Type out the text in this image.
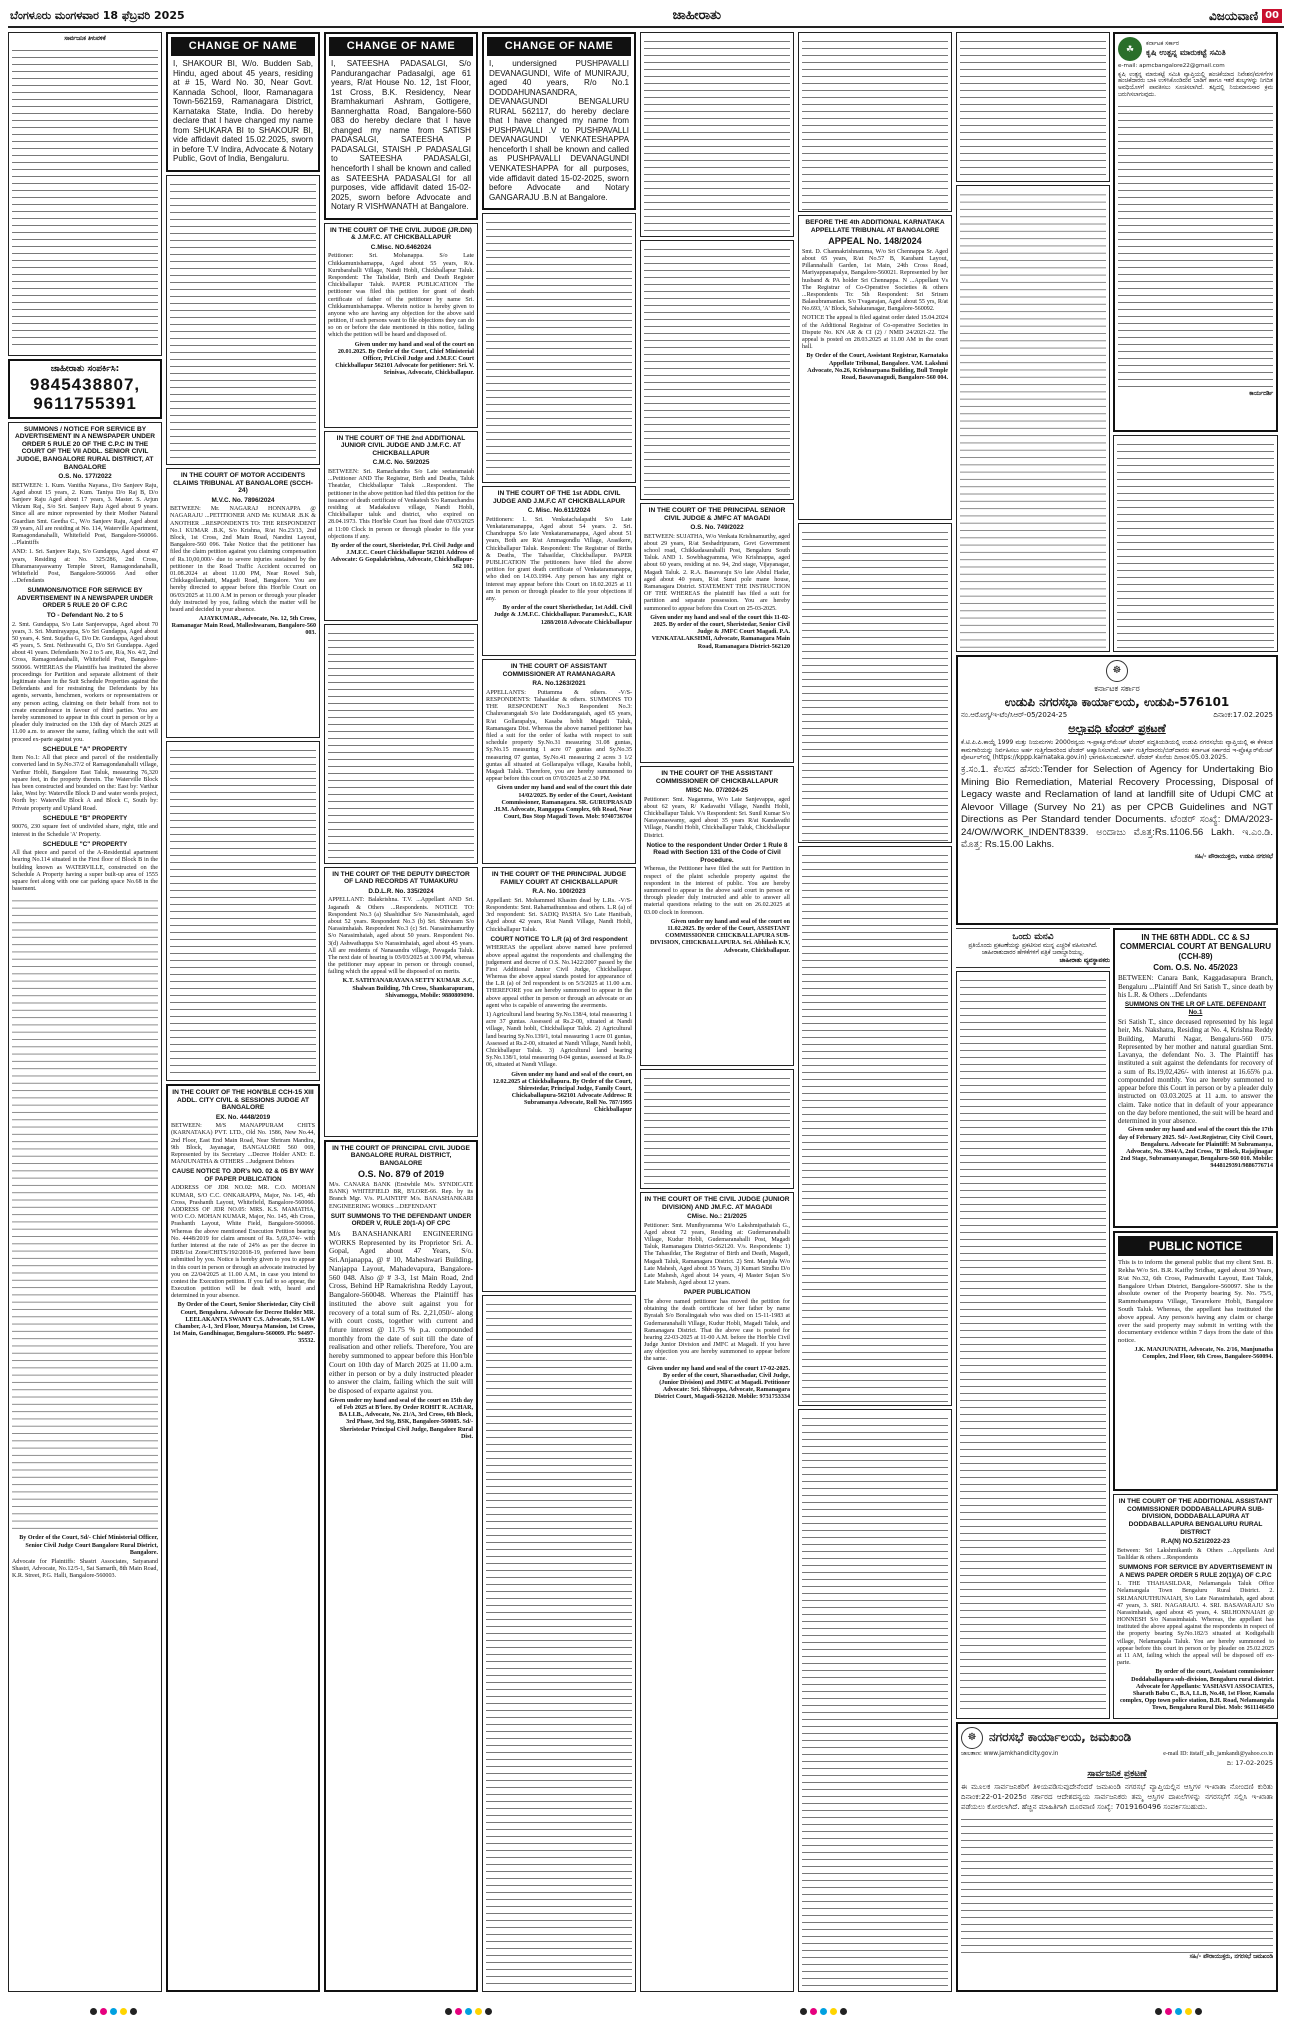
ಬೆಂಗಳೂರು ಮಂಗಳವಾರ 18 ಫೆಬ್ರವರಿ 2025	ಜಾಹೀರಾತು	ವಿಜಯವಾಣಿ 00
ಸಾರ್ವಜನಿಕ ತಿಳುವಳಿಕೆ
ಜಾಹೀರಾತು ಸಂಪರ್ಕಿಸಿ:
9845438807,
9611755391
SUMMONS / NOTICE FOR SERVICE BY ADVERTISEMENT IN A NEWSPAPER UNDER ORDER 5 RULE 20 OF THE C.P.C IN THE COURT OF THE VII ADDL. SENIOR CIVIL JUDGE, BANGALORE RURAL DISTRICT, AT BANGALORE
O.S. No. 177/2022

BETWEEN: 1. Kum. Vanitha Nayana., D/o Sanjeev Raju, Aged about 15 years, 2. Kum. Taniya D/o Raj B, D/o Sanjeev Raju Aged about 17 years, 3. Master. S. Arjun Vikram Raj., S/o Sri. Sanjeev Raju Aged about 9 years. Since all are minor represented by their Mother Natural Guardian Smt. Geetha C., W/o Sanjeev Raju, Aged about 39 years, All are residing at No. 114, Waterville Apartment, Ramagondanahalli, Whitefield Post, Bangalore-560066. ...Plaintiffs

AND: 1. Sri. Sanjeev Raju, S/o Gundappa, Aged about 47 years, Residing at: No. 325/286, 2nd Cross, Dharamarayaswamy Temple Street, Ramagondanahalli, Whitefield Post, Bangalore-560066 And other ...Defendants

SUMMONS/NOTICE FOR SERVICE BY ADVERTISEMENT IN A NEWSPAPER UNDER ORDER 5 RULE 20 OF C.P.C
TO - Defendant No. 2 to 5

2. Smt. Gundappa, S/o Late Sanjeevappa, Aged about 70 years, 3. Sri. Munirayappa, S/o Sri Gundappa, Aged about 50 years, 4. Smt. Sujatha G, D/o Dr. Gundappa, Aged about 45 years, 5. Smt. Nethravathi G, D/o Sri Gundappa. Aged about 41 years. Defendants No 2 to 5 are, R/a, No. 4/2, 2nd Cross, Ramagondanahalli, Whitefield Post, Bangalore-560066. WHEREAS the Plaintiffs has instituted the above proceedings for Partition and separate allotment of their legitimate share in the Suit Schedule Properties against the Defendants and for restraining the Defendants by his agents, servants, henchmen, workers or representatives or any person acting, claiming on their behalf from not to create encumbrance in favour of third parties. You are hereby summoned to appear in this court in person or by a pleader duly instructed on the 13th day of March 2025 at 11.00 a.m. to answer the same, failing which the suit will proceed ex-parte against you.

SCHEDULE "A" PROPERTY

Item No.1: All that piece and parcel of the residentially converted land in Sy.No.37/2 of Ramagondanahalli village, Varthur Hobli, Bangalore East Taluk, measuring 76,320 square feet, in the property therein. The Waterville Block has been constructed and bounded on the: East by: Varthur lake, West by: Waterville Block D and water words project, North by: Waterville Block A and Block C, South by: Private property and Upland Road.

SCHEDULE "B" PROPERTY

90076, 230 square feet of undivided share, right, title and interest in the Schedule 'A' Property.

SCHEDULE "C" PROPERTY

All that piece and parcel of the A-Residential apartment bearing No.114 situated in the First floor of Block B in the building known as WATERVILLE, constructed on the Schedule A Property having a super built-up area of 1555 square feet along with one car parking space No.68 in the basement.

By Order of the Court, Sd/- Chief Ministerial Officer, Senior Civil Judge Court Bangalore Rural District, Bangalore.

Advocate for Plaintiffs: Shastri Associates, Satyanand Shastri, Advocate, No.12/5-1, Sai Samarth, 8th Main Road, K.R. Street, P.G. Halli, Bangalore-560003.

CHANGE OF NAME
I, SHAKOUR BI, W/o. Budden Sab, Hindu, aged about 45 years, residing at # 15, Ward No. 30, Near Govt. Kannada School, Iloor, Ramanagara Town-562159, Ramanagara District, Karnataka State, India. Do hereby declare that I have changed my name from SHUKARA BI to SHAKOUR BI, vide affidavit dated 15.02.2025, sworn in before T.V Indira, Advocate & Notary Public, Govt of India, Bengaluru.
IN THE COURT OF MOTOR ACCIDENTS CLAIMS TRIBUNAL AT BANGALORE (SCCH-24)
M.V.C. No. 7896/2024

BETWEEN: Mr. NAGARAJ HONNAPPA @ NAGARAJU ...PETITIONER AND Mr. KUMAR .B.K & ANOTHER ...RESPONDENTS TO: THE RESPONDENT No.1 KUMAR .B.K, S/o Krishna, R/at No.23/13, 2nd Block, 1st Cross, 2nd Main Road, Nandini Layout, Bangalore-560 096. Take Notice that the petitioner has filed the claim petition against you claiming compensation of Rs.10,00,000/- due to severe injuries sustained by the petitioner in the Road Traffic Accident occurred on 01.08.2024 at about 11.00 PM, Near Rowel Sub, Chikkagollarahatti, Magadi Road, Bangalore. You are hereby directed to appear before this Hon'ble Court on 06/03/2025 at 11.00 A.M in person or through your pleader duly instructed by you, failing which the matter will be heard and decided in your absence.

AJAYKUMAR., Advocate, No. 12, 5th Cross, Ramanagar Main Road, Malleshwaram, Bangalore-560 003.

IN THE COURT OF THE HON'BLE CCH-15 XIII ADDL. CITY CIVIL & SESSIONS JUDGE AT BANGALORE
EX. No. 4448/2019

BETWEEN: M/S MANAPPURAM CHITS (KARNATAKA) PVT. LTD., Old No. 1586, New No.44, 2nd Floor, East End Main Road, Near Shriram Mandira, 9th Block, Jayanagar, BANGALORE 560 069, Represented by its Secretary ...Decree Holder AND: E. MANJUNATHA & OTHERS ...Judgment Debtors

CAUSE NOTICE TO JDR's NO. 02 & 05 BY WAY OF PAPER PUBLICATION

ADDRESS OF JDR NO.02: MR. C.O. MOHAN KUMAR, S/O C.C. ONKARAPPA, Major, No. 145, 4th Cross, Prashanth Layout, Whitefield, Bangalore-560066. ADDRESS OF JDR NO.05: MRS. K.S. MAMATHA, W/O C.O. MOHAN KUMAR, Major, No. 145, 4th Cross, Prashanth Layout, White Field, Bangalore-560066. Whereas the above mentioned Execution Petition bearing No. 4448/2019 for claim amount of Rs. 5,69,374/- with further interest at the rate of 24% as per the decree in DRB/1st Zone/CHITS/192/2018-19, preferred have been submitted by you. Notice is hereby given to you to appear in this court in person or through an advocate instructed by you on 22/04/2025 at 11.00 A.M., in case you intend to contest the Execution petition. If you fail to so appear, the Execution petition will be dealt with, heard and determined in your absence.

By Order of the Court, Senior Sheristedar, City Civil Court, Bengaluru. Advocate for Decree Holder MR. LEELAKANTA SWAMY C.S. Advocate, SS LAW Chamber, A-1, 3rd Floor, Mourya Mansion, 1st Cross, 1st Main, Gandhinagar, Bengaluru-560009. Ph: 94497-35532.

CHANGE OF NAME
I, SATEESHA PADASALGI, S/o Pandurangachar Padasalgi, age 61 years, R/at House No. 12, 1st Floor, 1st Cross, B.K. Residency, Near Bramhakumari Ashram, Gottigere, Bannerghatta Road, Bangalore-560 083 do hereby declare that I have changed my name from SATISH PADASALGI, SATEESHA P PADASALGI, STAISH .P PADASALGI to SATEESHA PADASALGI, henceforth I shall be known and called as SATEESHA PADASALGI for all purposes, vide affidavit dated 15-02-2025, sworn before Advocate and Notary R VISHWANATH at Bangalore.
IN THE COURT OF THE CIVIL JUDGE (JR.DN) & J.M.F.C. AT CHICKBALLAPUR
C.Misc. NO.6462024

Petitioner: Sri. Mohanappa. S/o Late Chikkamunishamappa, Aged about 55 years, R/a. Kurubarahalli Village, Nandi Hobli, Chickballapur Taluk. Respondent: The Tahsildar, Birth and Death Register Chickballapur Taluk. PAPER PUBLICATION The petitioner was filed this petition for grant of death certificate of father of the petitioner by name Sri. Chikkamunishamappa. Wherein notice is hereby given to anyone who are having any objection for the above said petition, if such persons want to file objections they can do so on or before the date mentioned in this notice, failing which the petition will be heard and disposed of.

Given under my hand and seal of the court on 20.01.2025. By Order of the Court, Chief Ministerial Officer, Prl.Civil Judge and J.M.F.C Court Chickballapur 562101 Advocate for petitioner: Sri. V. Srinivas, Advocate, Chickballapur.

IN THE COURT OF THE 2nd ADDITIONAL JUNIOR CIVIL JUDGE AND J.M.F.C. AT CHICKBALLAPUR
C.M.C. No. 59/2025

BETWEEN: Sri. Ramachandra S/o Late seetaramaiah ...Petitioner AND The Registrar, Birth and Deaths, Taluk Theatdar, Chickballapur Taluk ...Respondent. The petitioner in the above petition had filed this petition for the issuance of death certificate of Venkatesh S/o Ramachandra residing at Madakaluvu village, Nandi Hobli, Chickballapur taluk and district, who expired on 28.04.1973. This Hon'ble Court has fixed date 07/03/2025 at 11:00 Clock in person or through pleader to file your objections if any.

By order of the court, Sheristedar, Prl. Civil Judge and J.M.F.C. Court Chickballapur 562101 Address of Advocate: G Gopalakrishna, Advocate, Chickballapur-562 101.

IN THE COURT OF THE DEPUTY DIRECTOR OF LAND RECORDS AT TUMAKURU
D.D.L.R. No. 335/2024

APPELLANT: Balakrishna. T.V. ...Appellant AND Sri. Jaganath & Others ...Respondents. NOTICE TO: Respondent No.3 (a) Shashidhar S/o Narasimhaiah, aged about 52 years. Respondent No.3 (b) Sri. Shivaram S/o Narasimhaiah. Respondent No.3 (c) Sri. Narasimhamurthy S/o Narasimhaiah, aged about 50 years. Respondent No. 3(d) Ashwathappa S/o Narasimhaiah, aged about 45 years. All are residents of Nanasandra village, Pavagada Taluk. The next date of hearing is 03/03/2025 at 3.00 PM, whereas the petitioner may appear in person or through counsel, failing which the appeal will be disposed of on merits.

K.T. SATHYANARAYANA SETTY KUMAR .S.C, Shalwan Building, 7th Cross, Shankarapuram, Shivamogga, Mobile: 9880809090.

IN THE COURT OF PRINCIPAL CIVIL JUDGE BANGALORE RURAL DISTRICT, BANGALORE
O.S. No. 879 of 2019

M/s. CANARA BANK (Erstwhile M/s. SYNDICATE BANK) WHITEFIELD BR, B'LORE-66. Rep. by its Branch Mgr. V/s. PLAINTIFF M/s. BANASHANKARI ENGINEERING WORKS ...DEFENDANT

SUIT SUMMONS TO THE DEFENDANT UNDER ORDER V, RULE 20(1-A) OF CPC

M/s BANASHANKARI ENGINEERING WORKS Represented by its Proprietor Sri. A. Gopal, Aged about 47 Years, S/o. Sri.Anjanappa, @ # 10, Maheshwari Building, Nanjappa Layout, Mahadevapura, Bangalore-560 048. Also @ # 3-3, 1st Main Road, 2nd Cross, Behind HP Ramakrishna Reddy Layout, Bangalore-560048. Whereas the Plaintiff has instituted the above suit against you for recovery of a total sum of Rs. 2,21,050/- along with court costs, together with current and future interest @ 11.75 % p.a. compounded monthly from the date of suit till the date of realisation and other reliefs. Therefore, You are hereby summoned to appear before this Hon'ble Court on 10th day of March 2025 at 11.00 a.m. either in person or by a duly instructed pleader to answer the claim, failing which the suit will be disposed of exparte against you.

Given under my hand and seal of the court on 15th day of Feb 2025 at B'lore. By Order ROHIT R. ACHAR, BA LLB., Advocate, No. 21/A, 3rd Cross, 6th Block, 3rd Phase, 3rd Stg, BSK, Bangalore-560085. Sd/- Sheristedar Principal Civil Judge, Bangalore Rural Dist.

CHANGE OF NAME
I, undersigned PUSHPAVALLI DEVANAGUNDI, Wife of MUNIRAJU, aged 40 years, R/o No.1 DODDAHUNASANDRA, DEVANAGUNDI BENGALURU RURAL 562117, do hereby declare that I have changed my name from PUSHPAVALLI .V to PUSHPAVALLI DEVANAGUNDI VENKATESHAPPA henceforth I shall be known and called as PUSHPAVALLI DEVANAGUNDI VENKATESHAPPA for all purposes, vide affidavit dated 15-02-2025, sworn before Advocate and Notary GANGARAJU .B.N at Bangalore.
IN THE COURT OF THE 1st ADDL CIVIL JUDGE AND J.M.F.C AT CHICKBALLAPUR
C. Misc. No.611/2024

Petitioners: 1. Sri. Venkatachalapathi S/o Late Venkataramanappa, Aged about 54 years. 2. Sri. Chandrappa S/o late Venkataramanappa, Aged about 51 years, Both are R/at Ammagondlu Village, Arasikere, Chickballapur Taluk. Respondent: The Registrar of Births & Deaths, The Tahasildar, Chickballapur. PAPER PUBLICATION The petitioners have filed the above petition for grant death certificate of Venkataramanappa, who died on 14.03.1994. Any person has any right or interest may appear before this Court on 18.02.2025 at 11 am in person or through pleader to file your objections if any.

By order of the court Sheristhedar, 1st Addl. Civil Judge & J.M.F.C. Chickballapur. Paramesh.C., KAR 1288/2018 Advocate Chickballapur

IN THE COURT OF ASSISTANT COMMISSIONER AT RAMANAGARA
RA. No.1263/2021

APPELLANTS: Puttamma & others. -V/S- RESPONDENTS: Tahasildar & others. SUMMONS TO THE RESPONDENT No.3 Respondent No.3: Chaluvarangaiah S/o late Doddarangaiah, aged 65 years, R/at Gollarapalya, Kasaba hobli Magadi Taluk, Ramanagara Dist. Whereas the above named petitioner has filed a suit for the order of katha with respect to suit schedule property Sy.No.31 measuring 31.08 guntas, Sy.No.15 measuring 1 acre 07 guntas and Sy.No.35 measuring 07 guntas, Sy.No.41 measuring 2 acres 3 1/2 guntas all situated at Gollarapalya village, Kasaba hobli, Magadi Taluk. Therefore, you are hereby summoned to appear before this court on 07/03/2025 at 2.30 PM.

Given under my hand and seal of the court this date 14/02/2025. By order of the Court, Assistant Commissioner, Ramanagara. SR. GURUPRASAD .H.M. Advocate, Rangappa Complex, 6th Road, Near Court, Bus Stop Magadi Town. Mob: 9740736704

IN THE COURT OF THE PRINCIPAL JUDGE FAMILY COURT AT CHICKBALLAPUR
R.A. No. 100/2023

Appellant: Sri. Mohammed Khasim dead by L.Rs. -V/S- Respondents: Smt. Rahamathunnissa and others. L.R (a) of 3rd respondent: Sri. SADIQ PASHA S/o Late Hanifsab, Aged about 42 years, R/at Nandi Village, Nandi Hobli, Chickballapur Taluk.

COURT NOTICE TO L.R (a) of 3rd respondent

WHEREAS the appellant above named have preferred above appeal against the respondents and challenging the judgement and decree of O.S. No.1422/2007 passed by the First Additional Junior Civil Judge, Chickballapur. Whereas the above appeal stands posted for appearance of the L.R (a) of 3rd respondent is on 5/3/2025 at 11.00 a.m. THEREFORE you are hereby summoned to appear in the above appeal either in person or through an advocate or an agent who is capable of answering the averments.

1) Agricultural land bearing Sy.No.138/4, total measuring 1 acre 37 guntas. Assessed at Rs.2-00, situated at Nandi village, Nandi hobli, Chickballapur Taluk. 2) Agricultural land bearing Sy.No.139/1, total measuring 1 acre 01 guntas, Assessed at Rs.2-00, situated at Nandi Village, Nandi hobli, Chickballapur Taluk. 3) Agricultural land bearing Sy.No.138/1, total measuring 0-04 guntas, assessed at Rs.0-06, situated at Nandi Village.

Given under my hand and seal of the court, on 12.02.2025 at Chickballapura. By Order of the Court, Shirestedar, Principal Judge, Family Court, Chickaballapura-562101 Advocate Address: R Subramanya Advocate, Roll No. 787/1995 Chickballapur

IN THE COURT OF THE PRINCIPAL SENIOR CIVIL JUDGE & JMFC AT MAGADI
O.S. No. 749/2022

BETWEEN: SUJATHA, W/o Venkata Krishnamurthy, aged about 29 years, R/at Seshadripuram, Govt Government school road, Chikkadasarahalli Post, Bengaluru South Taluk. AND 1. Sowbhagyamma, W/o Krishnappa, aged about 60 years, residing at no. 94, 2nd stage, Vijayanagar, Magadi Taluk. 2. R.A. Basavaraju S/o late Abdul Hadar, aged about 40 years, R/at Surat pole mane house, Ramanagara District. STATEMENT THE INSTRUCTION OF THE WHEREAS the plaintiff has filed a suit for partition and separate possession. You are hereby summoned to appear before this Court on 25-03-2025.

Given under my hand and seal of the court this 11-02-2025. By order of the court, Sheristedar, Senior Civil Judge & JMFC Court Magadi. P.A. VENKATALAKSHMI, Advocate, Ramanagara Main Road, Ramanagara District-562120

IN THE COURT OF THE ASSISTANT COMMISSIONER OF CHICKBALLAPUR
MISC No. 07/2024-25

Petitioner: Smt. Nagamma, W/o Late Sanjevappa, aged about 62 years, R/ Kadavathi Village, Nandhi Hobli, Chickballapur Taluk. V/s Respondent: Sri. Sunil Kumar S/o Narayanaswamy, aged about 35 years R/at Kandavathi Village, Nandhi Hobli, Chickballapur Taluk, Chickballapur District.

Notice to the respondent Under Order 1 Rule 8 Read with Section 131 of the Code of Civil Procedure.

Whereas, the Petitioner have filed the suit for Partition in respect of the plaint schedule property against the respondent in the interest of public. You are hereby summoned to appear in the above said court in person or through pleader duly instructed and able to answer all material questions relating to the suit on 26.02.2025 at 03.00 clock in forenoon.

Given under my hand and seal of the court on 11.02.2025. By order of the Court, ASSISTANT COMMISSIONER CHICKBALLAPURA SUB-DIVISION, CHICKBALLAPURA. Sri. Abhilash K.V, Advocate, Chickballapur.

IN THE COURT OF THE CIVIL JUDGE (JUNIOR DIVISION) AND JM.F.C. AT MAGADI
CMisc. No.: 21/2025

Petitioner: Smt. Munibyramma W/o Lakshmipathaiah G., Aged about 72 years, Residing at: Gudemaranahalli Village, Kudur Hobli, Gudemaranahalli Post, Magadi Taluk, Ramanagara District-562120. V/s. Respondents: 1) The Tahasildar, The Registrar of Birth and Death, Magadi, Magadi Taluk, Ramanagara District. 2) Smt. Manjula W/o Late Mahesh, Aged about 35 Years, 3) Kumari Sindhu D/o Late Mahesh, Aged about 14 years, 4) Master Sujan S/o Late Mahesh, Aged about 12 years.

PAPER PUBLICATION

The above named petitioner has moved the petition for obtaining the death certificate of her father by name Byraiah S/o Boralingaiah who was died on 15-11-1983 at Gudemaranahalli Village, Kudur Hobli, Magadi Taluk, and Ramanagara District. That the above case is posted for hearing 22-03-2025 at 11-00 A.M. before the Hon'ble Civil Judge Junior Division and JMFC at Magadi. If you have any objection you are hereby summoned to appear before the same.

Given under my hand and seal of the court 17-02-2025. By order of the court, Sharasthadar, Civil Judge, (Junior Division) and JMFC at Magadi. Petitioner Advocate: Sri. Shivappa, Advocate, Ramanagara District Court, Magadi-562120. Mobile: 9731753334

BEFORE THE 4th ADDITIONAL KARNATAKA APPELLATE TRIBUNAL AT BANGALORE
APPEAL No. 148/2024

Smt. D. Channakrishnamma, W/o Sri Chennappa Sr. Aged about 65 years, R/at No.57 B, Karabani Layout, Pillannahalli Garden, 1st Main, 24th Cross Road, Mariyappanapalya, Bangalore-560021. Represented by her husband & PA holder Sri Chennappa. N ...Appellant Vs The Registrar of Co-Operative Societies & others ...Respondents To: 5th Respondent: Sri Sriram Balasubramanian. S/o Tvagarajan, Aged about 55 yrs, R/at No.693, 'A' Block, Sahakaranagar, Bangalore-560092.

NOTICE The appeal is filed against order dated 15.04.2024 of the Additional Registrar of Co-operative Societies in Dispute No. KN AR & CI (2) / NMD 24/2021-22. The appeal is posted on 28.03.2025 at 11.00 AM in the court hall.

By Order of the Court, Assistant Registrar, Karnataka Appellate Tribunal, Bangalore. V.M. Lakshmi Advocate, No.26, Krishnarpana Building, Bull Temple Road, Basavanagudi, Bangalore-560 004.

☘	ಕರ್ನಾಟಕ ಸರ್ಕಾರ
ಕೃಷಿ ಉತ್ಪನ್ನ ಮಾರುಕಟ್ಟೆ ಸಮಿತಿ
e-mail: apmcbangalore22@gmail.com

ಕೃಷಿ ಉತ್ಪನ್ನ ಮಾರುಕಟ್ಟೆ ಸಮಿತಿ ವ್ಯಾಪ್ತಿಯಲ್ಲಿ ಹಂಚಿಕೆಯಾದ ನಿವೇಶನ/ಮಳಿಗೆಗಳ ಹಂಚಿಕೆದಾರರು ಬಾಕಿ ಉಳಿಸಿಕೊಂಡಿರುವ ಬಾಡಿಗೆ ಹಾಗೂ ಇತರೆ ಶುಲ್ಕಗಳನ್ನು ನಿಗದಿತ ಅವಧಿಯೊಳಗೆ ಪಾವತಿಸಲು ಸೂಚಿಸಲಾಗಿದೆ. ತಪ್ಪಿದಲ್ಲಿ ನಿಯಮಾನುಸಾರ ಕ್ರಮ ಜರುಗಿಸಲಾಗುವುದು.

ಕಾರ್ಯದರ್ಶಿ

☸
ಕರ್ನಾಟಕ ಸರ್ಕಾರ
ಉಡುಪಿ ನಗರಸಭಾ ಕಾರ್ಯಾಲಯ, ಉಡುಪಿ-576101
ನಂ.ಆರೋಗ್ಯ/ಇ-ಟೆಂ/ಸಿಆರ್-05/2024-25	ದಿನಾಂಕ:17.02.2025
ಅಲ್ಪಾವಧಿ ಟೆಂಡರ್ ಪ್ರಕಟಣೆ

ಕೆ.ಟಿ.ಪಿ.ಪಿ.ಕಾಯ್ದೆ 1999 ಮತ್ತು ನಿಯಮಗಳು 2000ರನ್ವಯ ಇ-ಪ್ರಾಕ್ಯೂರ್‌ಮೆಂಟ್ ಟೆಂಡರ್ ಪದ್ಧತಿಯಡಿಯಲ್ಲಿ ಉಡುಪಿ ನಗರಸಭೆಯ ವ್ಯಾಪ್ತಿಯಲ್ಲಿ ಈ ಕೆಳಕಂಡ ಕಾಮಗಾರಿಯನ್ನು ನಿರ್ವಹಿಸಲು ಅರ್ಹ ಗುತ್ತಿಗೆದಾರರಿಂದ ಟೆಂಡರ್ ಆಹ್ವಾನಿಸಲಾಗಿದೆ. ಅರ್ಹ ಗುತ್ತಿಗೆದಾರರು/ಬಿಡ್‌ದಾರರು ಕರ್ನಾಟಕ ಸರ್ಕಾರದ ಇ-ಪ್ರೊಕ್ಯೂರ್‌ಮೆಂಟ್ ಪೋರ್ಟಲ್‌ನಲ್ಲಿ (https://kppp.karnataka.gov.in) ಭಾಗವಹಿಸಬಹುದಾಗಿದೆ. ಟೆಂಡರ್ ಕೊನೆಯ ದಿನಾಂಕ:05.03.2025.

ಕ್ರ.ಸಂ.1. ಕೆಲಸದ ಹೆಸರು:Tender for Selection of Agency for Undertaking Bio Mining Bio Remediation, Material Recovery Processing, Disposal of Legacy waste and Reclamation of land at landfill site of Udupi CMC at Alevoor Village (Survey No 21) as per CPCB Guidelines and NGT Directions as Per Standard tender Documents. ಟೆಂಡರ್ ಸಂಖ್ಯೆ: DMA/2023-24/OW/WORK_INDENT8339. ಅಂದಾಜು ಮೊತ್ತ:Rs.1106.56 Lakh. ಇ.ಎಂ.ಡಿ. ಮೊತ್ತ: Rs.15.00 Lakhs.

ಸಹಿ/- ಪೌರಾಯುಕ್ತರು, ಉಡುಪಿ ನಗರಸಭೆ

ಒಂದು ಮನವಿ
ಪ್ರತಿಯೊಂದು ಪ್ರಕಟಣೆಯನ್ನು ಪ್ರಕಟಿಸುವ ಮುನ್ನ ಎಚ್ಚರಿಕೆ ವಹಿಸಲಾಗಿದೆ. ಜಾಹೀರಾತುದಾರರ ಹೇಳಿಕೆಗಳಿಗೆ ಪತ್ರಿಕೆ ಜವಾಬ್ದಾರಿಯಲ್ಲ.
ಜಾಹೀರಾತು ವ್ಯವಸ್ಥಾಪಕರು
IN THE 68TH ADDL. CC & SJ COMMERCIAL COURT AT BENGALURU (CCH-89)
Com. O.S. No. 45/2023

BETWEEN: Canara Bank, Kaggadasapura Branch, Bengaluru ...Plaintiff And Sri Satish T., since death by his L.R. & Others ...Defendants

SUMMONS ON THE LR OF LATE. DEFENDANT No.1

Sri Satish T., since deceased represented by his legal heir, Ms. Nakshatra, Residing at No. 4, Krishna Reddy Building, Maruthi Nagar, Bengaluru-560 075. Represented by her mother and natural guardian Smt. Lavanya, the defendant No. 3. The Plaintiff has instituted a suit against the defendants for recovery of a sum of Rs.19,02,426/- with interest at 16.65% p.a. compounded monthly. You are hereby summoned to appear before this Court in person or by a pleader duly instructed on 03.03.2025 at 11 a.m. to answer the claim. Take notice that in default of your appearance on the day before mentioned, the suit will be heard and determined in your absence.

Given under my hand and seal of the court this the 17th day of February 2025. Sd/- Asst.Registrar, City Civil Court, Bengaluru. Advocate for Plaintiff: M Subramanya, Advocate, No. 3944/A, 2nd Cross, 'B' Block, Rajajinagar 2nd Stage, Subramanyanagar, Bengaluru-560 010. Mobile: 9448129391/9886776714

PUBLIC NOTICE

This is to inform the general public that my client Smt. B. Rekha W/o Sri. B.R. Kaifhy Sridhar, aged about 39 Years, R/at No.32, 6th Cross, Padmavathi Layout, East Taluk, Bangalore Urban District, Bangalore-560097. She is the absolute owner of the Property bearing Sy. No. 75/5, Rammohanapura Village, Tavarekere Hobli, Bangalore South Taluk. Whereas, the appellant has instituted the above appeal. Any person/s having any claim or charge over the said property may submit in writing with the documentary evidence within 7 days from the date of this notice.

J.K. MANJUNATH, Advocate, No. 2/16, Manjunatha Complex, 2nd Floor, 6th Cross, Bangalore-560094.

IN THE COURT OF THE ADDITIONAL ASSISTANT COMMISSIONER DODDABALLAPURA SUB-DIVISION, DODDABALLAPURA AT DODDABALLAPURA BENGALURU RURAL DISTRICT
R.A(N) NO.521/2022-23

Between: Sri Lakshmikanth & Others ...Appellants And Taslildar & others ...Respondents

SUMMONS FOR SERVICE BY ADVERTISEMENT IN A NEWS PAPER ORDER 5 RULE 20(1)(A) OF C.P.C

1. THE THAHASILDAR, Nelamangala Taluk Office Nelamangala Town Bengaluru Rural District. 2. SRI.MANJUTHUNAIAH, S/o Late Narasimhaiah, aged about 47 years, 3. SRI. NAGARAJU. 4. SRI. BASAVARAJU S/o Narasimhaiah, aged about 45 years, 4. SRI.HONNAIAH @ HONNESH S/o Narasimhaiah. Whereas, the appellant has instituted the above appeal against the respondents in respect of the property bearing Sy.No.182/3 situated at Kodigehalli village, Nelamangala Taluk. You are hereby summoned to appear before this court in person or by pleader on 25.02.2025 at 11 AM, failing which the appeal will be disposed off ex-parte.

By order of the court, Assistant commissioner Doddaballapura sub-division, Bengaluru rural district. Advocate for Appellants: YASHASVI ASSOCIATES, Sharath Babu C., B.A, LL.B, No.48, 1st Floor, Kamala complex, Opp town police station, B.H. Road, Nelamangala Town, Bengaluru Rural Dist. Mob: 9611146450

☸	ನಗರಸಭೆ ಕಾರ್ಯಾಲಯ, ಜಮಖಂಡಿ
ಜಾಲತಾಣ: www.jamkhandicity.gov.in	e-mail ID: itstaff_ulb_jamkandi@yahoo.co.in
ದಿ: 17-02-2025
ಸಾರ್ವಜನಿಕ ಪ್ರಕಟಣೆ

ಈ ಮೂಲಕ ಸಾರ್ವಜನಿಕರಿಗೆ ತಿಳಿಯಪಡಿಸುವುದೇನೆಂದರೆ ಜಮಖಂಡಿ ನಗರಸಭೆ ವ್ಯಾಪ್ತಿಯಲ್ಲಿನ ಆಸ್ತಿಗಳ ಇ-ಖಾತಾ ನೋಂದಣಿ ಕುರಿತು ದಿನಾಂಕ:22-01-2025ರ ಸರ್ಕಾರದ ಆದೇಶದನ್ವಯ ಸಾರ್ವಜನಿಕರು ತಮ್ಮ ಆಸ್ತಿಗಳ ದಾಖಲೆಗಳನ್ನು ನಗರಸಭೆಗೆ ಸಲ್ಲಿಸಿ ಇ-ಖಾತಾ ಪಡೆಯಲು ಕೋರಲಾಗಿದೆ. ಹೆಚ್ಚಿನ ಮಾಹಿತಿಗಾಗಿ ದೂರವಾಣಿ ಸಂಖ್ಯೆ: 7019160496 ಸಂಪರ್ಕಿಸಬಹುದು.

ಸಹಿ/- ಪೌರಾಯುಕ್ತರು, ನಗರಸಭೆ ಜಮಖಂಡಿ
